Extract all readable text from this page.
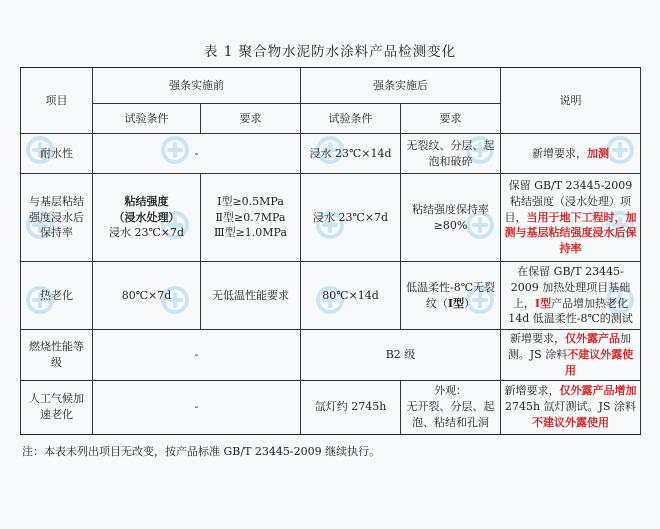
表 1 聚合物水泥防水涂料产品检测变化
项目	强条实施前		强条实施后		说明
	试验条件	要求	试验条件	要求	
耐水性	-		浸水 23℃×14d	无裂纹、分层、起泡和破碎	新增要求，加测
与基层粘结强度浸水后保持率	粘结强度
（浸水处理）
浸水 23℃×7d	Ⅰ型≥0.5MPa
Ⅱ型≥0.7MPa
Ⅲ型≥1.0MPa	浸水 23℃×7d	粘结强度保持率≥80%	保留 GB/T 23445-2009 粘结强度（浸水处理）项目，当用于地下工程时，加测与基层粘结强度浸水后保持率
热老化	80℃×7d	无低温性能要求	80℃×14d	低温柔性-8℃无裂纹（Ⅰ型）	在保留 GB/T 23445-2009 加热处理项目基础上，Ⅰ型产品增加热老化 14d 低温柔性-8℃的测试
燃烧性能等级	-		B2 级		新增要求，仅外露产品加测。JS 涂料不建议外露使用
人工气候加速老化	-		氙灯约 2745h	外观：
无开裂、分层、起泡、粘结和孔洞	新增要求，仅外露产品增加 2745h 氙灯测试。JS 涂料不建议外露使用
注：本表未列出项目无改变，按产品标准 GB/T 23445-2009 继续执行。
